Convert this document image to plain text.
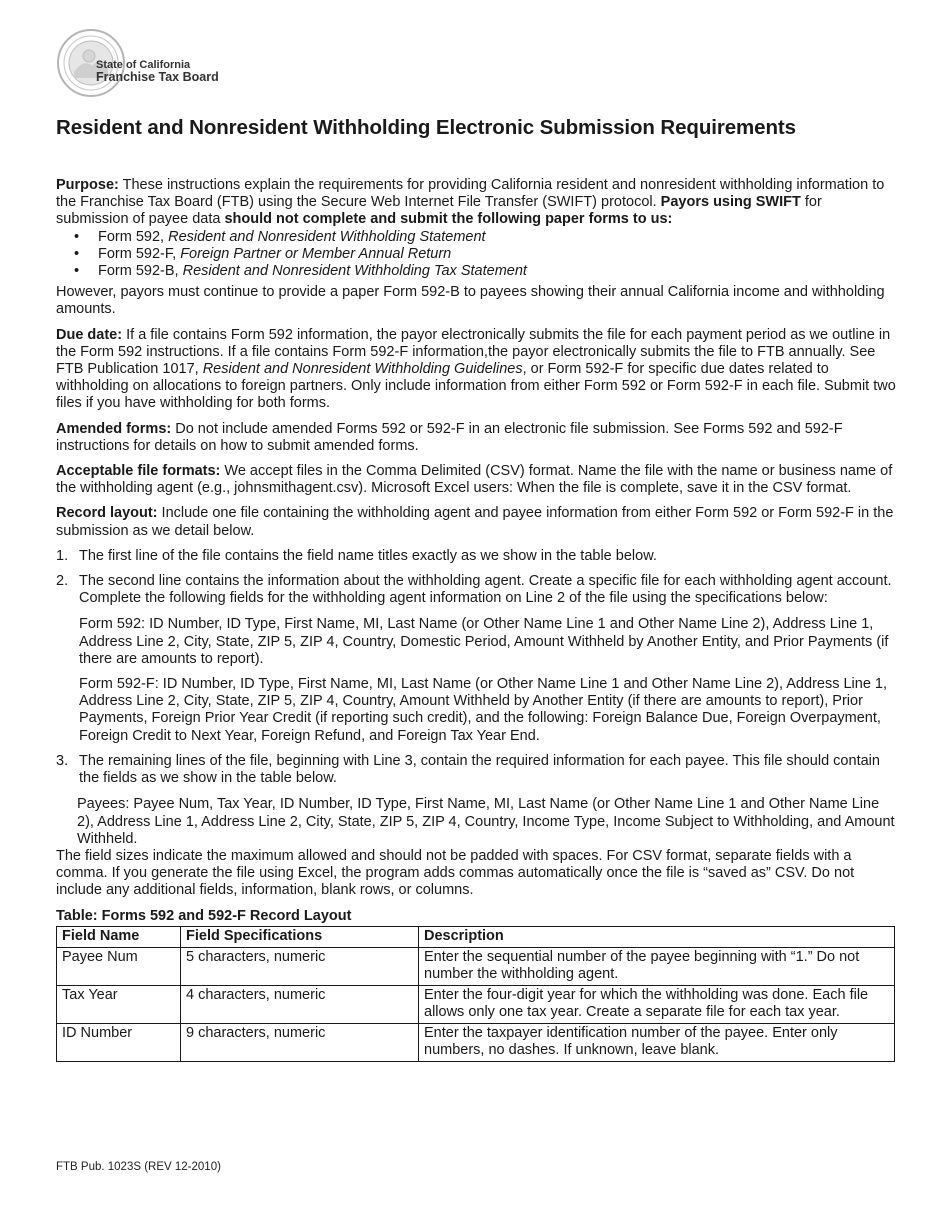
State of California
Franchise Tax Board
Resident and Nonresident Withholding Electronic Submission Requirements

Purpose: These instructions explain the requirements for providing California resident and nonresident withholding information to the Franchise Tax Board (FTB) using the Secure Web Internet File Transfer (SWIFT) protocol. Payors using SWIFT for submission of payee data should not complete and submit the following paper forms to us:

• Form 592, Resident and Nonresident Withholding Statement
• Form 592-F, Foreign Partner or Member Annual Return
• Form 592-B, Resident and Nonresident Withholding Tax Statement

However, payors must continue to provide a paper Form 592-B to payees showing their annual California income and withholding amounts.

Due date: If a file contains Form 592 information, the payor electronically submits the file for each payment period as we outline in the Form 592 instructions. If a file contains Form 592-F information,the payor electronically submits the file to FTB annually. See FTB Publication 1017, Resident and Nonresident Withholding Guidelines, or Form 592-F for specific due dates related to withholding on allocations to foreign partners. Only include information from either Form 592 or Form 592-F in each file. Submit two files if you have withholding for both forms.

Amended forms: Do not include amended Forms 592 or 592-F in an electronic file submission. See Forms 592 and 592-F instructions for details on how to submit amended forms.

Acceptable file formats: We accept files in the Comma Delimited (CSV) format. Name the file with the name or business name of the withholding agent (e.g., johnsmithagent.csv). Microsoft Excel users: When the file is complete, save it in the CSV format.

Record layout: Include one file containing the withholding agent and payee information from either Form 592 or Form 592-F in the submission as we detail below.

1. The first line of the file contains the field name titles exactly as we show in the table below.
2. The second line contains the information about the withholding agent. Create a specific file for each withholding agent account. Complete the following fields for the withholding agent information on Line 2 of the file using the specifications below:

Form 592: ID Number, ID Type, First Name, MI, Last Name (or Other Name Line 1 and Other Name Line 2), Address Line 1, Address Line 2, City, State, ZIP 5, ZIP 4, Country, Domestic Period, Amount Withheld by Another Entity, and Prior Payments (if there are amounts to report).

Form 592-F: ID Number, ID Type, First Name, MI, Last Name (or Other Name Line 1 and Other Name Line 2), Address Line 1, Address Line 2, City, State, ZIP 5, ZIP 4, Country, Amount Withheld by Another Entity (if there are amounts to report), Prior Payments, Foreign Prior Year Credit (if reporting such credit), and the following: Foreign Balance Due, Foreign Overpayment, Foreign Credit to Next Year, Foreign Refund, and Foreign Tax Year End.

3. The remaining lines of the file, beginning with Line 3, contain the required information for each payee. This file should contain the fields as we show in the table below.

Payees: Payee Num, Tax Year, ID Number, ID Type, First Name, MI, Last Name (or Other Name Line 1 and Other Name Line 2), Address Line 1, Address Line 2, City, State, ZIP 5, ZIP 4, Country, Income Type, Income Subject to Withholding, and Amount Withheld.

The field sizes indicate the maximum allowed and should not be padded with spaces. For CSV format, separate fields with a comma. If you generate the file using Excel, the program adds commas automatically once the file is “saved as” CSV. Do not include any additional fields, information, blank rows, or columns.

Table: Forms 592 and 592-F Record Layout
Field Name	Field Specifications	Description
Payee Num	5 characters, numeric	Enter the sequential number of the payee beginning with “1.” Do not number the withholding agent.
Tax Year	4 characters, numeric	Enter the four-digit year for which the withholding was done. Each file allows only one tax year. Create a separate file for each tax year.
ID Number	9 characters, numeric	Enter the taxpayer identification number of the payee. Enter only numbers, no dashes. If unknown, leave blank.
FTB Pub. 1023S (REV 12-2010)
